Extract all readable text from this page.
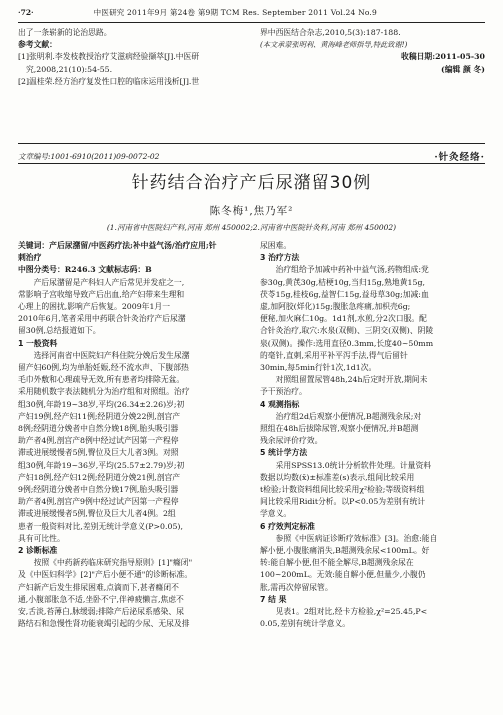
·72·	中医研究 2011年9月 第24卷 第9期 TCM Res. September 2011 Vol.24 No.9

出了一条崭新的论治思路。

参考文献：

[1]张明利.李发枝教授治疗艾滋病经验撷萃[J].中医研

究,2008,21(10):54-55.

[2]温桂荣.经方治疗复发性口腔的临床运用浅析[J].世

界中西医结合杂志,2010,5(3):187-188.

(本文承蒙张明利、黄海峰老师指导,特此致谢!)

收稿日期:2011-05-30

(编辑 颜 冬)

文章编号:1001-6910(2011)09-0072-02	·针灸经络·
针药结合治疗产后尿潴留30例
陈冬梅¹,焦乃军²
(1.河南省中医院妇产科,河南 郑州 450002;2.河南省中医院针灸科,河南 郑州 450002)

关键词：产后尿潴留/中医药疗法;补中益气汤/治疗应用;针

刺治疗

中图分类号：R246.3 文献标志码：B

产后尿潴留是产科妇人产后常见并发症之一,

常影响子宫收缩导致产后出血,给产妇带来生理和

心理上的困扰,影响产后恢复。2009年1月一

2010年6月,笔者采用中药联合针灸治疗产后尿潴

留30例,总结报道如下。

1 一般资料

选择河南省中医院妇产科住院分娩后发生尿潴

留产妇60例,均为单胎妊娠,经不流水声、下腹部热

毛巾外敷和心理疏导无效,所有患者均排除无盆。

采用随机数字表法随机分为治疗组和对照组。治疗

组30例,年龄19~38岁,平均(26.34±2.26)岁;初

产妇19例,经产妇11例;经阴道分娩22例,剖宫产

8例;经阴道分娩者中自然分娩18例,胎头吸引器

助产者4例,剖宫产8例中经过试产因第一产程停

滞或进展缓慢者5例,臀位及巨大儿者3例。对照

组30例,年龄19~36岁,平均(25.57±2.79)岁;初

产妇18例,经产妇12例;经阴道分娩21例,剖宫产

9例;经阴道分娩者中自然分娩17例,胎头吸引器

助产者4例,剖宫产9例中经过试产因第一产程停

滞或进展缓慢者5例,臀位及巨大儿者4例。2组

患者一般资料对比,差别无统计学意义(P>0.05),

具有可比性。

2 诊断标准

按照《中药新药临床研究指导原则》[1]"癃闭"

及《中医妇科学》[2]"产后小便不通"的诊断标准。

产妇新产后发生排尿困难,点滴而下,甚者癃闭不

通,小腹部胀急不适,坐卧不宁,伴神疲懒言,焦虑不

安,舌淡,苔薄白,脉缓弱;排除产后泌尿系感染、尿

路结石和急慢性肾功能衰竭引起的少尿、无尿及排

尿困难。

3 治疗方法

治疗组给予加减中药补中益气汤,药物组成:党

参30g,黄芪30g,桔梗10g,当归15g,熟地黄15g,

茯苓15g,桂枝6g,益智仁15g,益母草30g;加减:血

虚,加阿胶(烊化)15g;腹胀急疼痛,加枳壳6g;

便秘,加火麻仁10g。1d1剂,水煎,分2次口服。配

合针灸治疗,取穴:水泉(双侧)、三阴交(双侧)、阴陵

泉(双侧)。操作:选用直径0.3mm,长度40~50mm

的毫针,直刺,采用平补平泻手法,得气后留针

30min,每5min行针1次,1d1次。

对照组留置尿管48h,24h后定时开放,期间未

予干预治疗。

4 观测指标

治疗组2d后观察小便情况,B超测残余尿;对

照组在48h后拔除尿管,观察小便情况,并B超测

残余尿评价疗效。

5 统计学方法

采用SPSS13.0统计分析软件处理。计量资料

数据以均数(x̄)±标准差(s)表示,组间比较采用

t检验;计数资料组间比较采用χ²检验;等级资料组

间比较采用Ridit分析。以P<0.05为差别有统计

学意义。

6 疗效判定标准

参照《中医病证诊断疗效标准》[3]。治愈:能自

解小便,小腹胀痛消失,B超测残余尿<100mL。好

转:能自解小便,但不能全解尽,B超测残余尿在

100~200mL。无效:能自解小便,但量少,小腹仍

胀,需再次停留尿管。

7 结 果

见表1。2组对比,经卡方检验,χ²=25.45,P<

0.05,差别有统计学意义。
